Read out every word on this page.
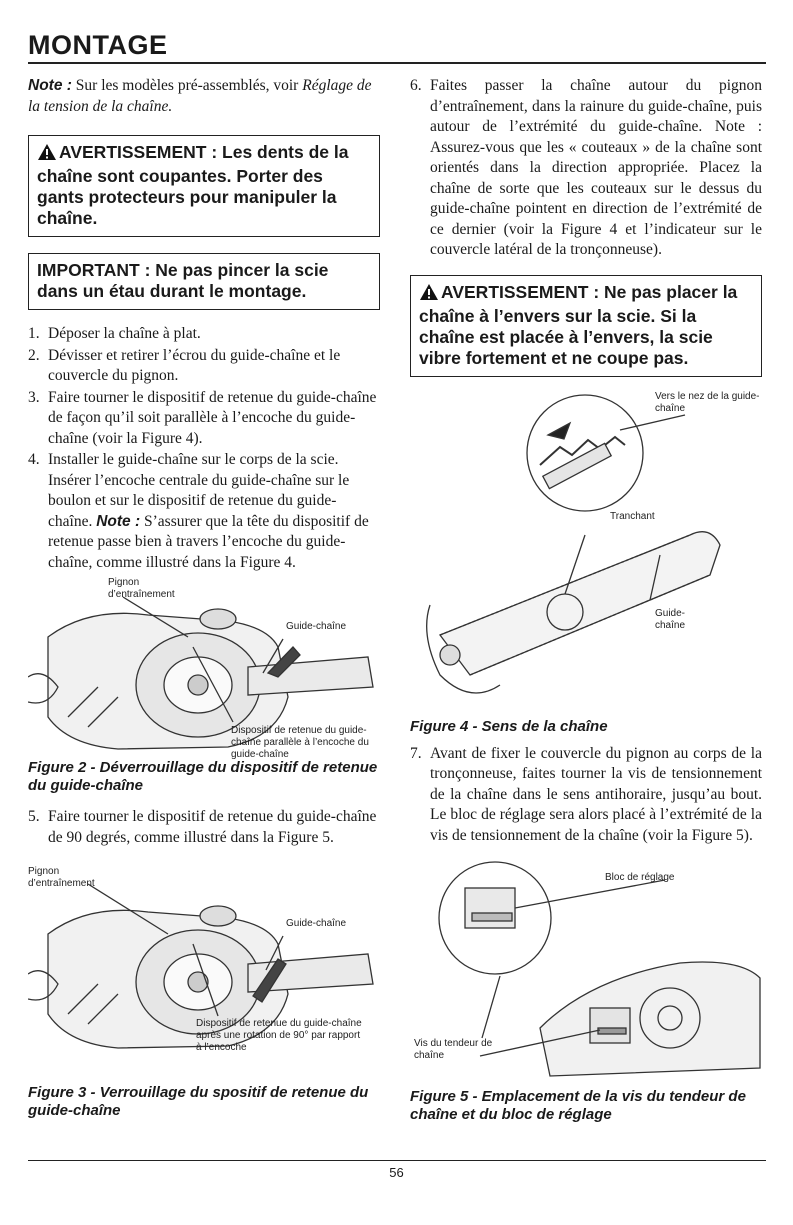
MONTAGE

Note : Sur les modèles pré-assemblés, voir Réglage de la tension de la chaîne.

AVERTISSEMENT : Les dents de la chaîne sont coupantes. Porter des gants protecteurs pour manipuler la chaîne.
IMPORTANT : Ne pas pincer la scie dans un étau durant le montage.
1. Déposer la chaîne à plat.
2. Dévisser et retirer l’écrou du guide-chaîne et le couvercle du pignon.
3. Faire tourner le dispositif de retenue du guide-chaîne de façon qu’il soit parallèle à l’encoche du guide-chaîne (voir la Figure 4).
4. Installer le guide-chaîne sur le corps de la scie. Insérer l’encoche centrale du guide-chaîne sur le boulon et sur le dispositif de retenue du guide-chaîne. Note : S’assurer que la tête du dispositif de retenue passe bien à travers l’encoche du guide-chaîne, comme illustré dans la Figure 4.
Pignon d’entraînement
Guide-chaîne
Dispositif de retenue du guide-chaîne parallèle à l’encoche du guide-chaîne
Figure 2 - Déverrouillage du dispositif de retenue du guide-chaîne
5. Faire tourner le dispositif de retenue du guide-chaîne de 90 degrés, comme illustré dans la Figure 5.
Pignon d’entraînement
Guide-chaîne
Dispositif de retenue du guide-chaîne après une rotation de 90° par rapport à l’encoche
Figure 3 - Verrouillage du spositif de retenue du guide-chaîne
6. Faites passer la chaîne autour du pignon d’entraînement, dans la rainure du guide-chaîne, puis autour de l’extrémité du guide-chaîne. Note : Assurez-vous que les « couteaux » de la chaîne sont orientés dans la direction appropriée. Placez la chaîne de sorte que les couteaux sur le dessus du guide-chaîne pointent en direction de l’extrémité de ce dernier (voir la Figure 4 et l’indicateur sur le couvercle latéral de la tronçonneuse).
AVERTISSEMENT : Ne pas placer la chaîne à l’envers sur la scie. Si la chaîne est placée à l’envers, la scie vibre fortement et ne coupe pas.
Vers le nez de la guide-chaîne
Tranchant
Guide-chaîne
Figure 4 - Sens de la chaîne
7. Avant de fixer le couvercle du pignon au corps de la tronçonneuse, faites tourner la vis de tensionnement de la chaîne dans le sens antihoraire, jusqu’au bout. Le bloc de réglage sera alors placé à l’extrémité de la vis de tensionnement de la chaîne (voir la Figure 5).
Bloc de réglage
Vis du tendeur de chaîne
Figure 5 - Emplacement de la vis du tendeur de chaîne et du bloc de réglage
56
